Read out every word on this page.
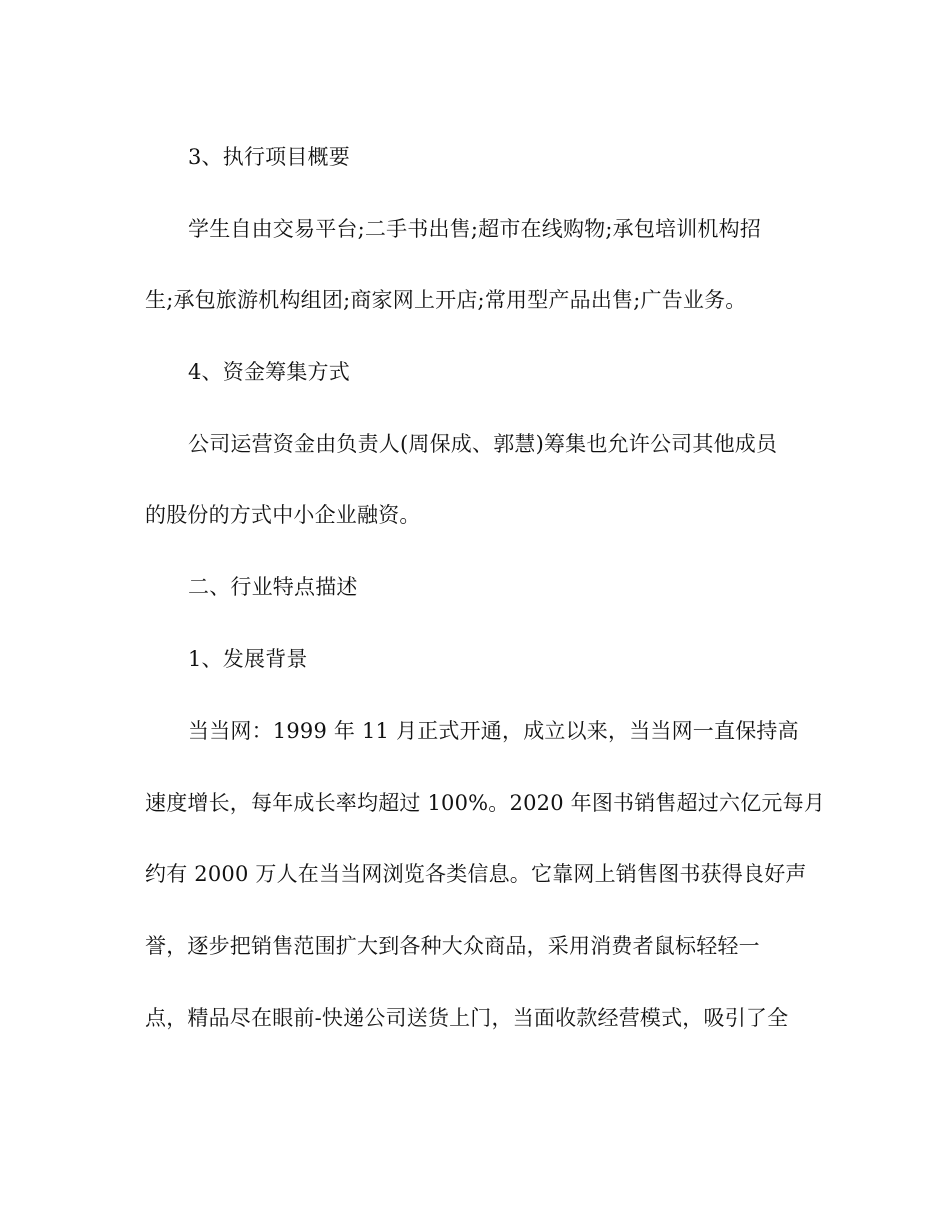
3、执行项目概要
学生自由交易平台;二手书出售;超市在线购物;承包培训机构招
生;承包旅游机构组团;商家网上开店;常用型产品出售;广告业务。
4、资金筹集方式
公司运营资金由负责人(周保成、郭慧)筹集也允许公司其他成员
的股份的方式中小企业融资。
二、行业特点描述
1、发展背景
当当网：1999 年 11 月正式开通，成立以来，当当网一直保持高
速度增长，每年成长率均超过 100%。2020 年图书销售超过六亿元每月
约有 2000 万人在当当网浏览各类信息。它靠网上销售图书获得良好声
誉，逐步把销售范围扩大到各种大众商品，采用消费者鼠标轻轻一
点，精品尽在眼前-快递公司送货上门，当面收款经营模式，吸引了全
